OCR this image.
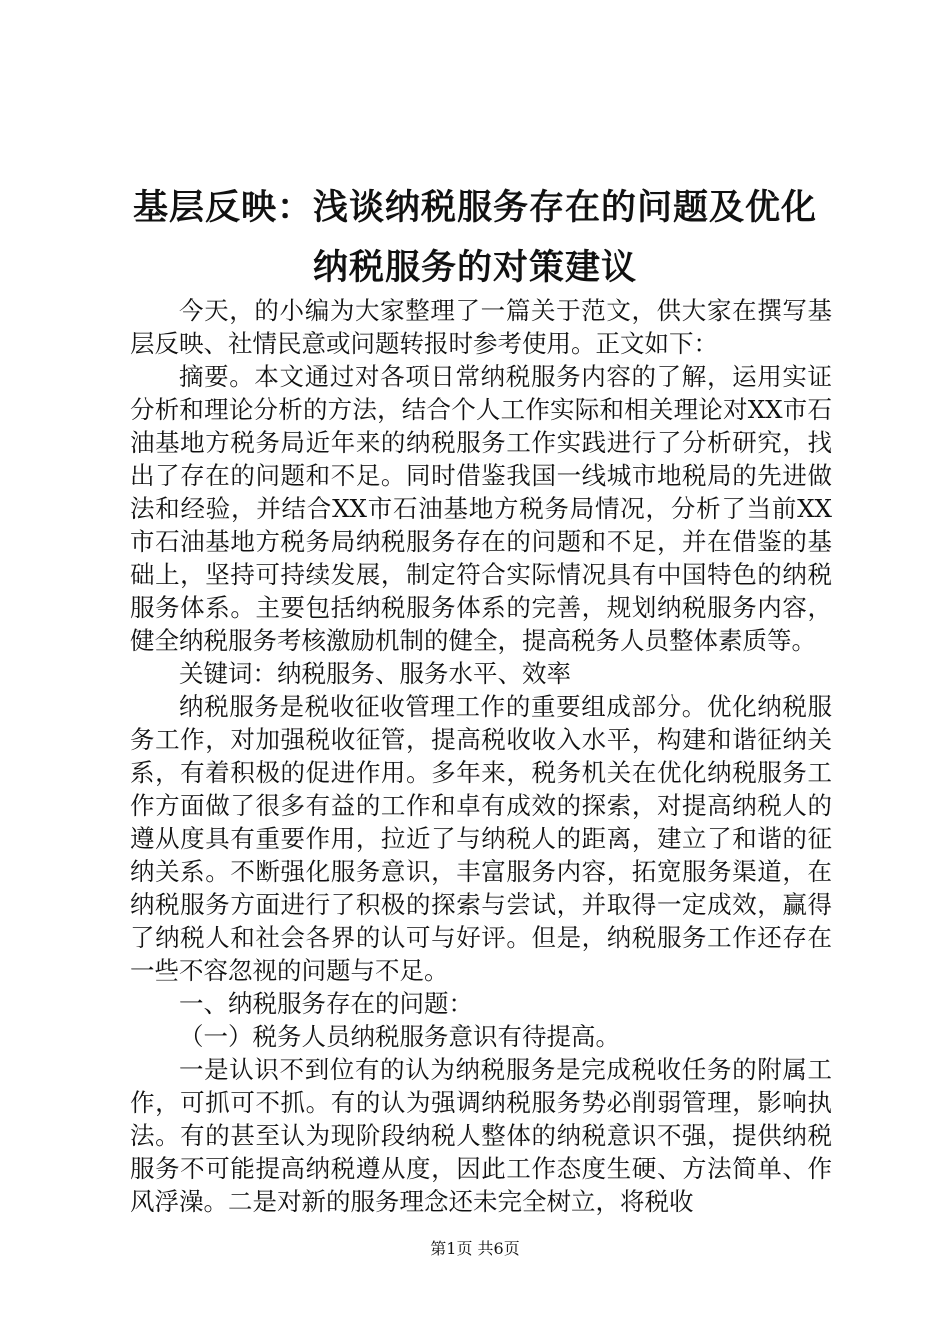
基层反映：浅谈纳税服务存在的问题及优化纳税服务的对策建议

今天，的小编为大家整理了一篇关于范文，供大家在撰写基层反映、社情民意或问题转报时参考使用。正文如下：

摘要。本文通过对各项日常纳税服务内容的了解，运用实证分析和理论分析的方法，结合个人工作实际和相关理论对XX市石油基地方税务局近年来的纳税服务工作实践进行了分析研究，找出了存在的问题和不足。同时借鉴我国一线城市地税局的先进做法和经验，并结合XX市石油基地方税务局情况，分析了当前XX市石油基地方税务局纳税服务存在的问题和不足，并在借鉴的基础上，坚持可持续发展，制定符合实际情况具有中国特色的纳税服务体系。主要包括纳税服务体系的完善，规划纳税服务内容，健全纳税服务考核激励机制的健全，提高税务人员整体素质等。

关键词：纳税服务、服务水平、效率

纳税服务是税收征收管理工作的重要组成部分。优化纳税服务工作，对加强税收征管，提高税收收入水平，构建和谐征纳关系，有着积极的促进作用。多年来，税务机关在优化纳税服务工作方面做了很多有益的工作和卓有成效的探索，对提高纳税人的遵从度具有重要作用，拉近了与纳税人的距离，建立了和谐的征纳关系。不断强化服务意识，丰富服务内容，拓宽服务渠道，在纳税服务方面进行了积极的探索与尝试，并取得一定成效，赢得了纳税人和社会各界的认可与好评。但是，纳税服务工作还存在一些不容忽视的问题与不足。

一、纳税服务存在的问题：

（一）税务人员纳税服务意识有待提高。

一是认识不到位有的认为纳税服务是完成税收任务的附属工作，可抓可不抓。有的认为强调纳税服务势必削弱管理，影响执法。有的甚至认为现阶段纳税人整体的纳税意识不强，提供纳税服务不可能提高纳税遵从度，因此工作态度生硬、方法简单、作风浮澡。二是对新的服务理念还未完全树立，将税收

第1页 共6页
